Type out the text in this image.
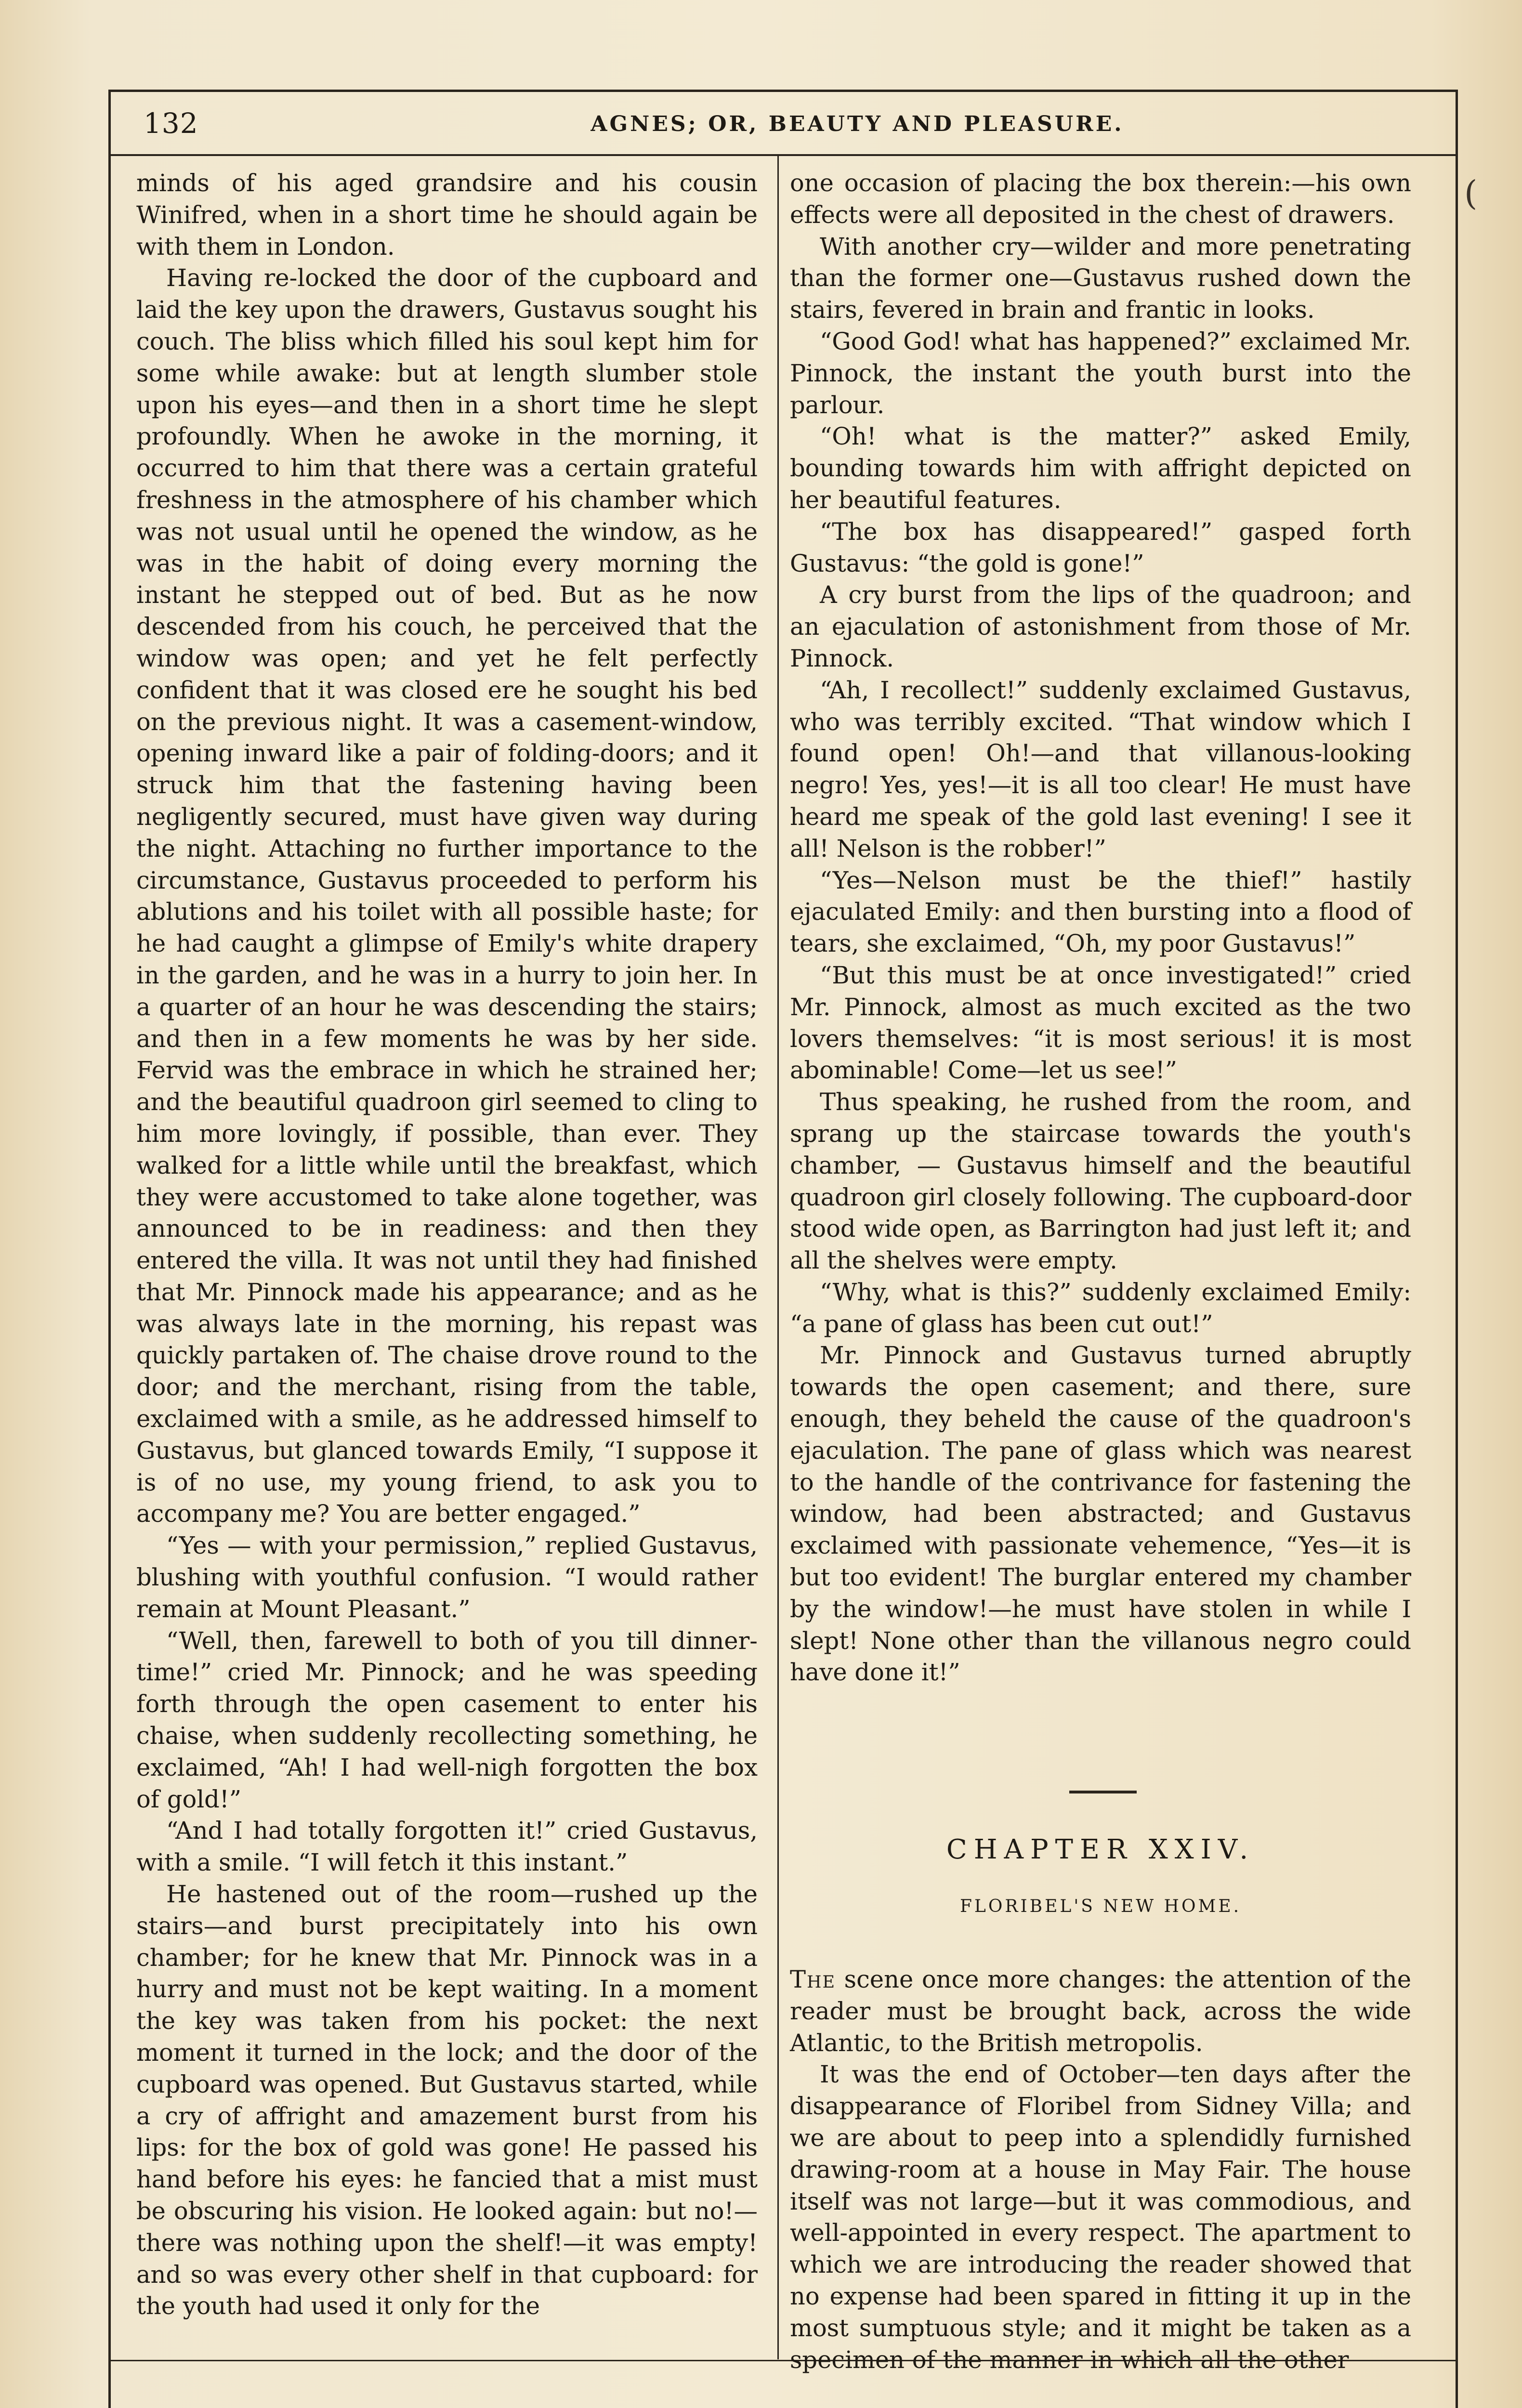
132	AGNES; OR, BEAUTY AND PLEASURE.

minds of his aged grandsire and his cousin Winifred, when in a short time he should again be with them in London.

Having re-locked the door of the cupboard and laid the key upon the drawers, Gustavus sought his couch. The bliss which filled his soul kept him for some while awake: but at length slumber stole upon his eyes—and then in a short time he slept profoundly. When he awoke in the morning, it occurred to him that there was a certain grateful freshness in the atmosphere of his chamber which was not usual until he opened the window, as he was in the habit of doing every morning the instant he stepped out of bed. But as he now descended from his couch, he perceived that the window was open; and yet he felt perfectly confident that it was closed ere he sought his bed on the previous night. It was a casement-window, opening inward like a pair of folding-doors; and it struck him that the fastening having been negligently secured, must have given way during the night. Attaching no further importance to the circumstance, Gustavus proceeded to perform his ablutions and his toilet with all possible haste; for he had caught a glimpse of Emily's white drapery in the garden, and he was in a hurry to join her. In a quarter of an hour he was descending the stairs; and then in a few moments he was by her side. Fervid was the embrace in which he strained her; and the beautiful quadroon girl seemed to cling to him more lovingly, if possible, than ever. They walked for a little while until the breakfast, which they were accustomed to take alone together, was announced to be in readiness: and then they entered the villa. It was not until they had finished that Mr. Pinnock made his appearance; and as he was always late in the morning, his repast was quickly partaken of. The chaise drove round to the door; and the merchant, rising from the table, exclaimed with a smile, as he addressed himself to Gustavus, but glanced towards Emily, “I suppose it is of no use, my young friend, to ask you to accompany me? You are better engaged.”

“Yes — with your permission,” replied Gustavus, blushing with youthful confusion. “I would rather remain at Mount Pleasant.”

“Well, then, farewell to both of you till dinner-time!” cried Mr. Pinnock; and he was speeding forth through the open casement to enter his chaise, when suddenly recollecting something, he exclaimed, “Ah! I had well-nigh forgotten the box of gold!”

“And I had totally forgotten it!” cried Gustavus, with a smile. “I will fetch it this instant.”

He hastened out of the room—rushed up the stairs—and burst precipitately into his own chamber; for he knew that Mr. Pinnock was in a hurry and must not be kept waiting. In a moment the key was taken from his pocket: the next moment it turned in the lock; and the door of the cupboard was opened. But Gustavus started, while a cry of affright and amazement burst from his lips: for the box of gold was gone! He passed his hand before his eyes: he fancied that a mist must be obscuring his vision. He looked again: but no!—there was nothing upon the shelf!—it was empty! and so was every other shelf in that cupboard: for the youth had used it only for the

one occasion of placing the box therein:—his own effects were all deposited in the chest of drawers.

With another cry—wilder and more penetrating than the former one—Gustavus rushed down the stairs, fevered in brain and frantic in looks.

“Good God! what has happened?” exclaimed Mr. Pinnock, the instant the youth burst into the parlour.

“Oh! what is the matter?” asked Emily, bounding towards him with affright depicted on her beautiful features.

“The box has disappeared!” gasped forth Gustavus: “the gold is gone!”

A cry burst from the lips of the quadroon; and an ejaculation of astonishment from those of Mr. Pinnock.

“Ah, I recollect!” suddenly exclaimed Gustavus, who was terribly excited. “That window which I found open! Oh!—and that villanous-looking negro! Yes, yes!—it is all too clear! He must have heard me speak of the gold last evening! I see it all! Nelson is the robber!”

“Yes—Nelson must be the thief!” hastily ejaculated Emily: and then bursting into a flood of tears, she exclaimed, “Oh, my poor Gustavus!”

“But this must be at once investigated!” cried Mr. Pinnock, almost as much excited as the two lovers themselves: “it is most serious! it is most abominable! Come—let us see!”

Thus speaking, he rushed from the room, and sprang up the staircase towards the youth's chamber, — Gustavus himself and the beautiful quadroon girl closely following. The cupboard-door stood wide open, as Barrington had just left it; and all the shelves were empty.

“Why, what is this?” suddenly exclaimed Emily: “a pane of glass has been cut out!”

Mr. Pinnock and Gustavus turned abruptly towards the open casement; and there, sure enough, they beheld the cause of the quadroon's ejaculation. The pane of glass which was nearest to the handle of the contrivance for fastening the window, had been abstracted; and Gustavus exclaimed with passionate vehemence, “Yes—it is but too evident! The burglar entered my chamber by the window!—he must have stolen in while I slept! None other than the villanous negro could have done it!”

CHAPTER XXIV.
FLORIBEL'S NEW HOME.

The scene once more changes: the attention of the reader must be brought back, across the wide Atlantic, to the British metropolis.

It was the end of October—ten days after the disappearance of Floribel from Sidney Villa; and we are about to peep into a splendidly furnished drawing-room at a house in May Fair. The house itself was not large—but it was commodious, and well-appointed in every respect. The apartment to which we are introducing the reader showed that no expense had been spared in fitting it up in the most sumptuous style; and it might be taken as a specimen of the manner in which all the other

(
